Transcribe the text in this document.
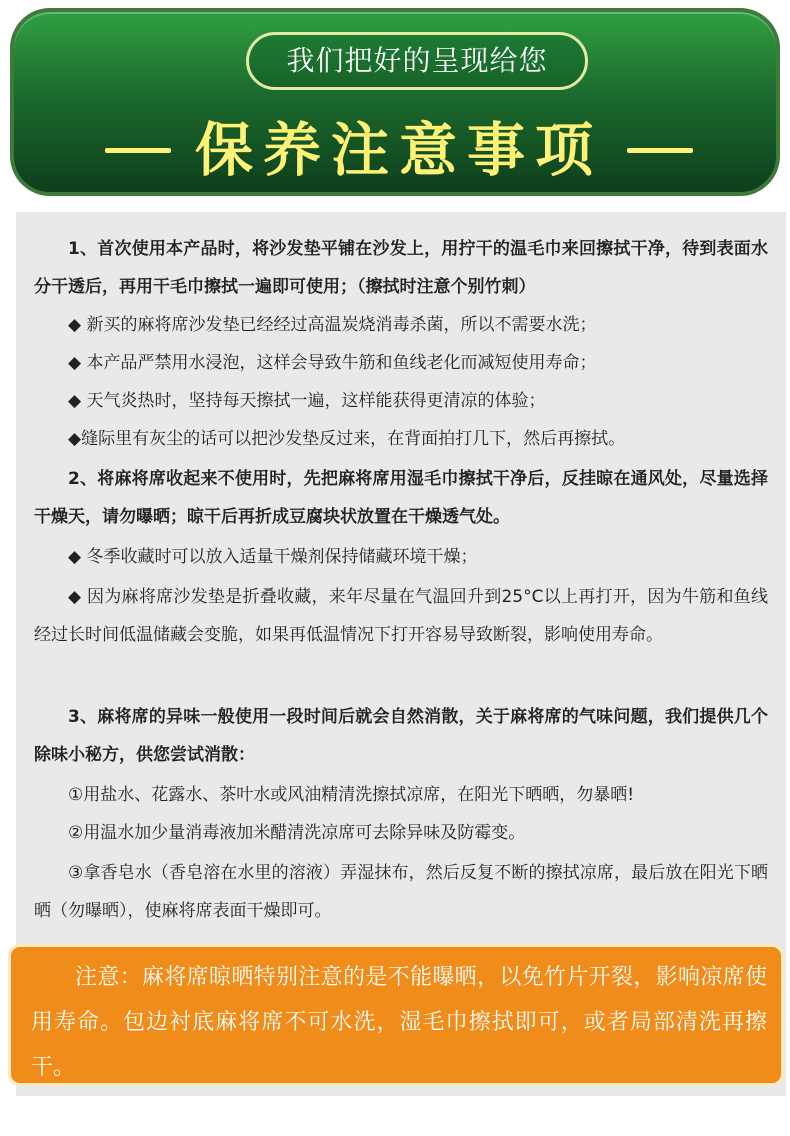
我们把好的呈现给您
保养注意事项
1、首次使用本产品时，将沙发垫平铺在沙发上，用拧干的温毛巾来回擦拭干净，待到表面水分干透后，再用干毛巾擦拭一遍即可使用；（擦拭时注意个别竹刺）
◆ 新买的麻将席沙发垫已经经过高温炭烧消毒杀菌，所以不需要水洗；
◆ 本产品严禁用水浸泡，这样会导致牛筋和鱼线老化而减短使用寿命；
◆ 天气炎热时，坚持每天擦拭一遍，这样能获得更清凉的体验；
◆缝际里有灰尘的话可以把沙发垫反过来，在背面拍打几下，然后再擦拭。
2、将麻将席收起来不使用时，先把麻将席用湿毛巾擦拭干净后，反挂晾在通风处，尽量选择干燥天，请勿曝晒；晾干后再折成豆腐块状放置在干燥透气处。
◆ 冬季收藏时可以放入适量干燥剂保持储藏环境干燥；
◆ 因为麻将席沙发垫是折叠收藏，来年尽量在气温回升到25°C以上再打开，因为牛筋和鱼线经过长时间低温储藏会变脆，如果再低温情况下打开容易导致断裂，影响使用寿命。
3、麻将席的异味一般使用一段时间后就会自然消散，关于麻将席的气味问题，我们提供几个除味小秘方，供您尝试消散：
①用盐水、花露水、茶叶水或风油精清洗擦拭凉席，在阳光下晒晒，勿暴晒!
②用温水加少量消毒液加米醋清洗凉席可去除异味及防霉变。
③拿香皂水（香皂溶在水里的溶液）弄湿抹布，然后反复不断的擦拭凉席，最后放在阳光下晒晒（勿曝晒），使麻将席表面干燥即可。
注意：麻将席晾晒特别注意的是不能曝晒，以免竹片开裂，影响凉席使用寿命。包边衬底麻将席不可水洗，湿毛巾擦拭即可，或者局部清洗再擦干。
